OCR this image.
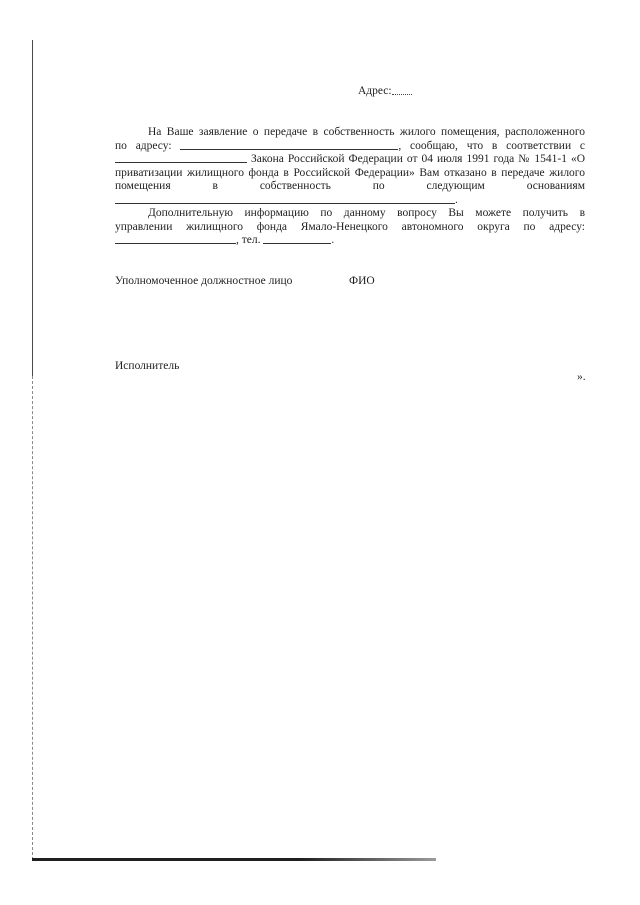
Адрес:
На Ваше заявление о передаче в собственность жилого помещения, расположенного
по адресу:	, сообщаю, что в соответствии с
Закона Российской Федерации от 04 июля 1991 года № 1541-1 «О
приватизации жилищного фонда в Российской Федерации» Вам отказано в передаче жилого
помещения в собственность по следующим основаниям
.
Дополнительную информацию по данному вопросу Вы можете получить в
управлении жилищного фонда Ямало-Ненецкого автономного округа по адресу:
, тел.	.
Уполномоченное должностное лицо	ФИО
Исполнитель
».
